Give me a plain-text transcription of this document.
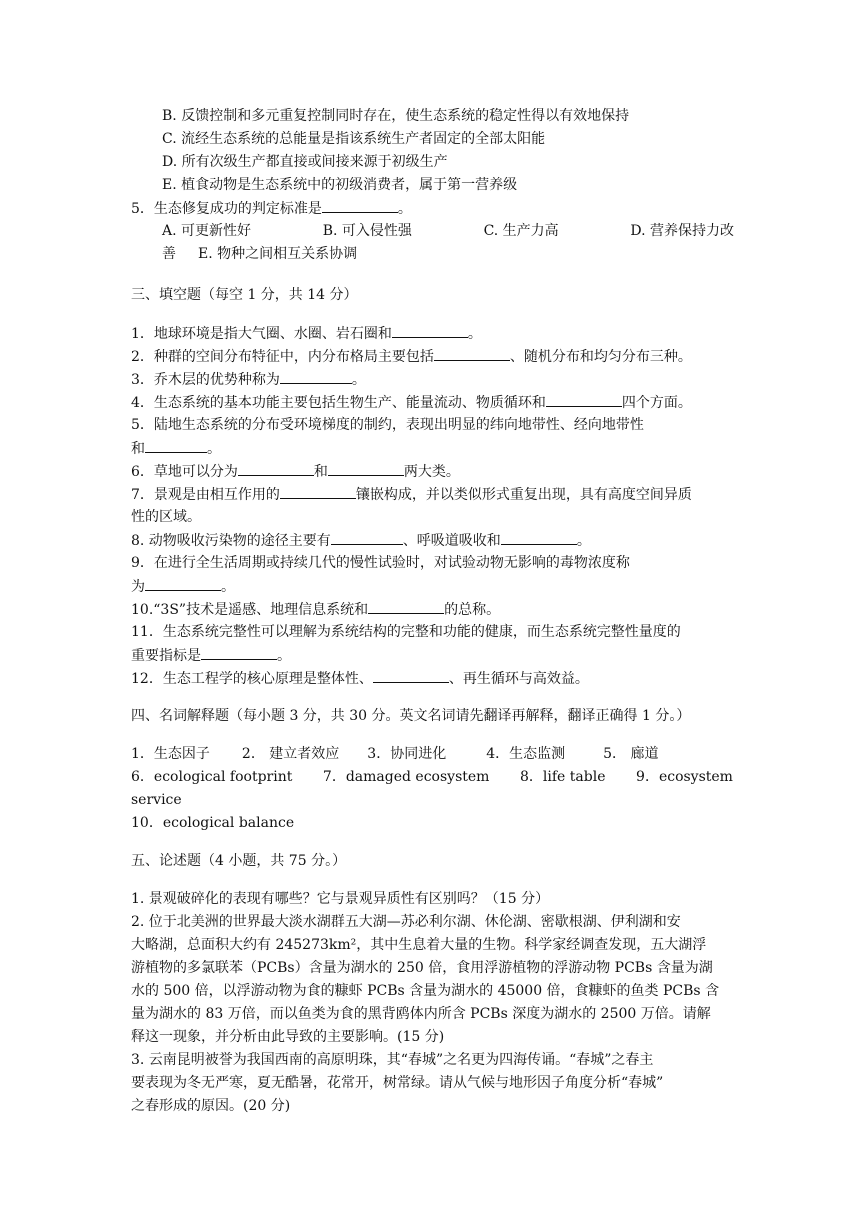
B. 反馈控制和多元重复控制同时存在，使生态系统的稳定性得以有效地保持
C. 流经生态系统的总能量是指该系统生产者固定的全部太阳能
D. 所有次级生产都直接或间接来源于初级生产
E. 植食动物是生态系统中的初级消费者，属于第一营养级
5．生态修复成功的判定标准是	。
A. 可更新性好	B. 可入侵性强	C. 生产力高	D. 营养保持力改
善 E. 物种之间相互关系协调
三、填空题（每空 1 分，共 14 分）
1．地球环境是指大气圈、水圈、岩石圈和	。
2．种群的空间分布特征中，内分布格局主要包括	、随机分布和均匀分布三种。
3．乔木层的优势种称为	。
4．生态系统的基本功能主要包括生物生产、能量流动、物质循环和	四个方面。
5．陆地生态系统的分布受环境梯度的制约，表现出明显的纬向地带性、经向地带性
和	。
6．草地可以分为	和	两大类。
7．景观是由相互作用的	镶嵌构成，并以类似形式重复出现，具有高度空间异质
性的区域。
8. 动物吸收污染物的途径主要有	、呼吸道吸收和	。
9．在进行全生活周期或持续几代的慢性试验时，对试验动物无影响的毒物浓度称
为	。
10.“3S”技术是遥感、地理信息系统和	的总称。
11．生态系统完整性可以理解为系统结构的完整和功能的健康，而生态系统完整性量度的
重要指标是	。
12．生态工程学的核心原理是整体性、	、再生循环与高效益。
四、名词解释题（每小题 3 分，共 30 分。英文名词请先翻译再解释，翻译正确得 1 分。）
1．生态因子 2． 建立者效应 3．协同进化	4．生态监测	5． 廊道
6．ecological footprint 7．damaged ecosystem 8．life table 9．ecosystem
service
10．ecological balance
五、论述题（4 小题，共 75 分。）
1. 景观破碎化的表现有哪些？它与景观异质性有区别吗？（15 分）
2. 位于北美洲的世界最大淡水湖群五大湖—苏必利尔湖、休伦湖、密歇根湖、伊利湖和安
大略湖，总面积大约有 245273km²，其中生息着大量的生物。科学家经调查发现，五大湖浮
游植物的多氯联苯（PCBs）含量为湖水的 250 倍，食用浮游植物的浮游动物 PCBs 含量为湖
水的 500 倍，以浮游动物为食的糠虾 PCBs 含量为湖水的 45000 倍，食糠虾的鱼类 PCBs 含
量为湖水的 83 万倍，而以鱼类为食的黑背鸥体内所含 PCBs 深度为湖水的 2500 万倍。请解
释这一现象，并分析由此导致的主要影响。(15 分)
3. 云南昆明被誉为我国西南的高原明珠，其“春城”之名更为四海传诵。“春城”之春主
要表现为冬无严寒，夏无酷暑，花常开，树常绿。请从气候与地形因子角度分析“春城”
之春形成的原因。(20 分)
